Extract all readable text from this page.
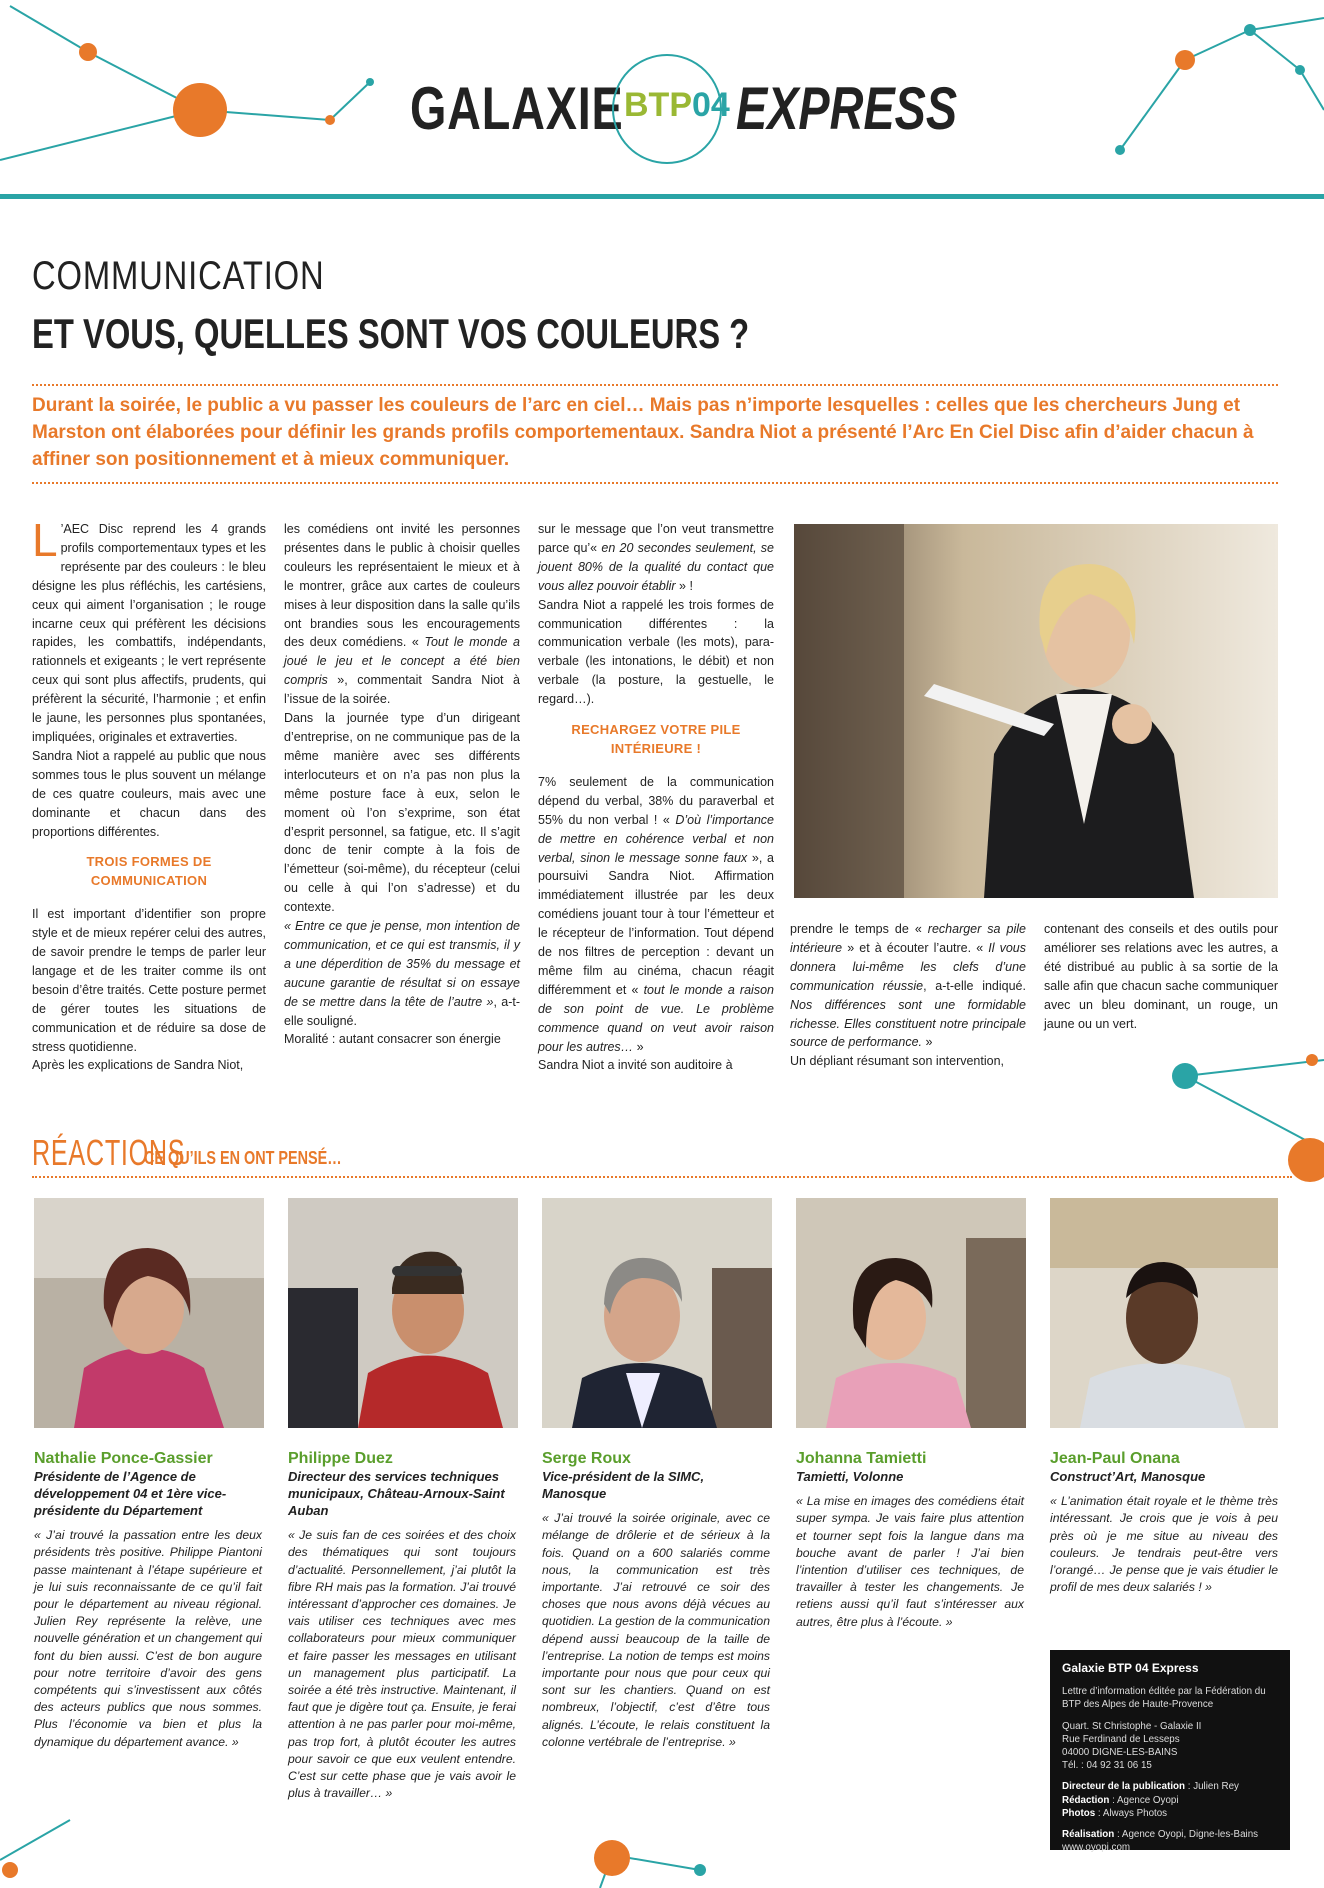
GALAXIE BTP04 EXPRESS
COMMUNICATION
ET VOUS, QUELLES SONT VOS COULEURS ?
Durant la soirée, le public a vu passer les couleurs de l’arc en ciel… Mais pas n’importe lesquelles : celles que les chercheurs Jung et Marston ont élaborées pour définir les grands profils comportementaux. Sandra Niot a présenté l’Arc En Ciel Disc afin d’aider chacun à affiner son positionnement et à mieux communiquer.

L ’AEC Disc reprend les 4 grands profils comportementaux types et les représente par des couleurs : le bleu désigne les plus réfléchis, les cartésiens, ceux qui aiment l’organisation ; le rouge incarne ceux qui préfèrent les décisions rapides, les combattifs, indépendants, rationnels et exigeants ; le vert représente ceux qui sont plus affectifs, prudents, qui préfèrent la sécurité, l’harmonie ; et enfin le jaune, les personnes plus spontanées, impliquées, originales et extraverties.

Sandra Niot a rappelé au public que nous sommes tous le plus souvent un mélange de ces quatre couleurs, mais avec une dominante et chacun dans des proportions différentes.

TROIS FORMES DE COMMUNICATION

Il est important d’identifier son propre style et de mieux repérer celui des autres, de savoir prendre le temps de parler leur langage et de les traiter comme ils ont besoin d’être traités. Cette posture permet de gérer toutes les situations de communication et de réduire sa dose de stress quotidienne.

Après les explications de Sandra Niot,

les comédiens ont invité les personnes présentes dans le public à choisir quelles couleurs les représentaient le mieux et à le montrer, grâce aux cartes de couleurs mises à leur disposition dans la salle qu’ils ont brandies sous les encouragements des deux comédiens. « Tout le monde a joué le jeu et le concept a été bien compris », commentait Sandra Niot à l’issue de la soirée.

Dans la journée type d’un dirigeant d’entreprise, on ne communique pas de la même manière avec ses différents interlocuteurs et on n’a pas non plus la même posture face à eux, selon le moment où l’on s’exprime, son état d’esprit personnel, sa fatigue, etc. Il s’agit donc de tenir compte à la fois de l’émetteur (soi-même), du récepteur (celui ou celle à qui l’on s’adresse) et du contexte.

« Entre ce que je pense, mon intention de communication, et ce qui est transmis, il y a une déperdition de 35% du message et aucune garantie de résultat si on essaye de se mettre dans la tête de l’autre », a-t-elle souligné.

Moralité : autant consacrer son énergie

sur le message que l’on veut transmettre parce qu’« en 20 secondes seulement, se jouent 80% de la qualité du contact que vous allez pouvoir établir » !

Sandra Niot a rappelé les trois formes de communication différentes : la communication verbale (les mots), para-verbale (les intonations, le débit) et non verbale (la posture, la gestuelle, le regard…).

RECHARGEZ VOTRE PILE INTÉRIEURE !

7% seulement de la communication dépend du verbal, 38% du paraverbal et 55% du non verbal ! « D’où l’importance de mettre en cohérence verbal et non verbal, sinon le message sonne faux », a poursuivi Sandra Niot. Affirmation immédiatement illustrée par les deux comédiens jouant tour à tour l’émetteur et le récepteur de l’information. Tout dépend de nos filtres de perception : devant un même film au cinéma, chacun réagit différemment et « tout le monde a raison de son point de vue. Le problème commence quand on veut avoir raison pour les autres… »

Sandra Niot a invité son auditoire à

prendre le temps de « recharger sa pile intérieure » et à écouter l’autre. « Il vous donnera lui-même les clefs d’une communication réussie, a-t-elle indiqué. Nos différences sont une formidable richesse. Elles constituent notre principale source de performance. »

Un dépliant résumant son intervention,

contenant des conseils et des outils pour améliorer ses relations avec les autres, a été distribué au public à sa sortie de la salle afin que chacun sache communiquer avec un bleu dominant, un rouge, un jaune ou un vert.

RÉACTIONS
CE QU’ILS EN ONT PENSÉ…
Nathalie Ponce-Gassier
Présidente de l’Agence de développement 04 et 1ère vice-présidente du Département
« J’ai trouvé la passation entre les deux présidents très positive. Philippe Piantoni passe maintenant à l’étape supérieure et je lui suis reconnaissante de ce qu’il fait pour le département au niveau régional. Julien Rey représente la relève, une nouvelle génération et un changement qui font du bien aussi. C’est de bon augure pour notre territoire d’avoir des gens compétents qui s’investissent aux côtés des acteurs publics que nous sommes. Plus l’économie va bien et plus la dynamique du département avance. »
Philippe Duez
Directeur des services techniques municipaux, Château-Arnoux-Saint Auban
« Je suis fan de ces soirées et des choix des thématiques qui sont toujours d’actualité. Personnellement, j’ai plutôt la fibre RH mais pas la formation. J’ai trouvé intéressant d’approcher ces domaines. Je vais utiliser ces techniques avec mes collaborateurs pour mieux communiquer et faire passer les messages en utilisant un management plus participatif. La soirée a été très instructive. Maintenant, il faut que je digère tout ça. Ensuite, je ferai attention à ne pas parler pour moi-même, pas trop fort, à plutôt écouter les autres pour savoir ce que eux veulent entendre. C’est sur cette phase que je vais avoir le plus à travailler… »
Serge Roux
Vice-président de la SIMC, Manosque
« J’ai trouvé la soirée originale, avec ce mélange de drôlerie et de sérieux à la fois. Quand on a 600 salariés comme nous, la communication est très importante. J’ai retrouvé ce soir des choses que nous avons déjà vécues au quotidien. La gestion de la communication dépend aussi beaucoup de la taille de l’entreprise. La notion de temps est moins importante pour nous que pour ceux qui sont sur les chantiers. Quand on est nombreux, l’objectif, c’est d’être tous alignés. L’écoute, le relais constituent la colonne vertébrale de l’entreprise. »
Johanna Tamietti
Tamietti, Volonne
« La mise en images des comédiens était super sympa. Je vais faire plus attention et tourner sept fois la langue dans ma bouche avant de parler ! J’ai bien l’intention d’utiliser ces techniques, de travailler à tester les changements. Je retiens aussi qu’il faut s’intéresser aux autres, être plus à l’écoute. »
Jean-Paul Onana
Construct’Art, Manosque
« L’animation était royale et le thème très intéressant. Je crois que je vois à peu près où je me situe au niveau des couleurs. Je tendrais peut-être vers l’orangé… Je pense que je vais étudier le profil de mes deux salariés ! »
Galaxie BTP 04 Express
Lettre d’information éditée par la Fédération du BTP des Alpes de Haute-Provence
Quart. St Christophe - Galaxie II
Rue Ferdinand de Lesseps
04000 DIGNE-LES-BAINS
Tél. : 04 92 31 06 15
Directeur de la publication : Julien Rey
Rédaction : Agence Oyopi
Photos : Always Photos
Réalisation : Agence Oyopi, Digne-les-Bains
www.oyopi.com
